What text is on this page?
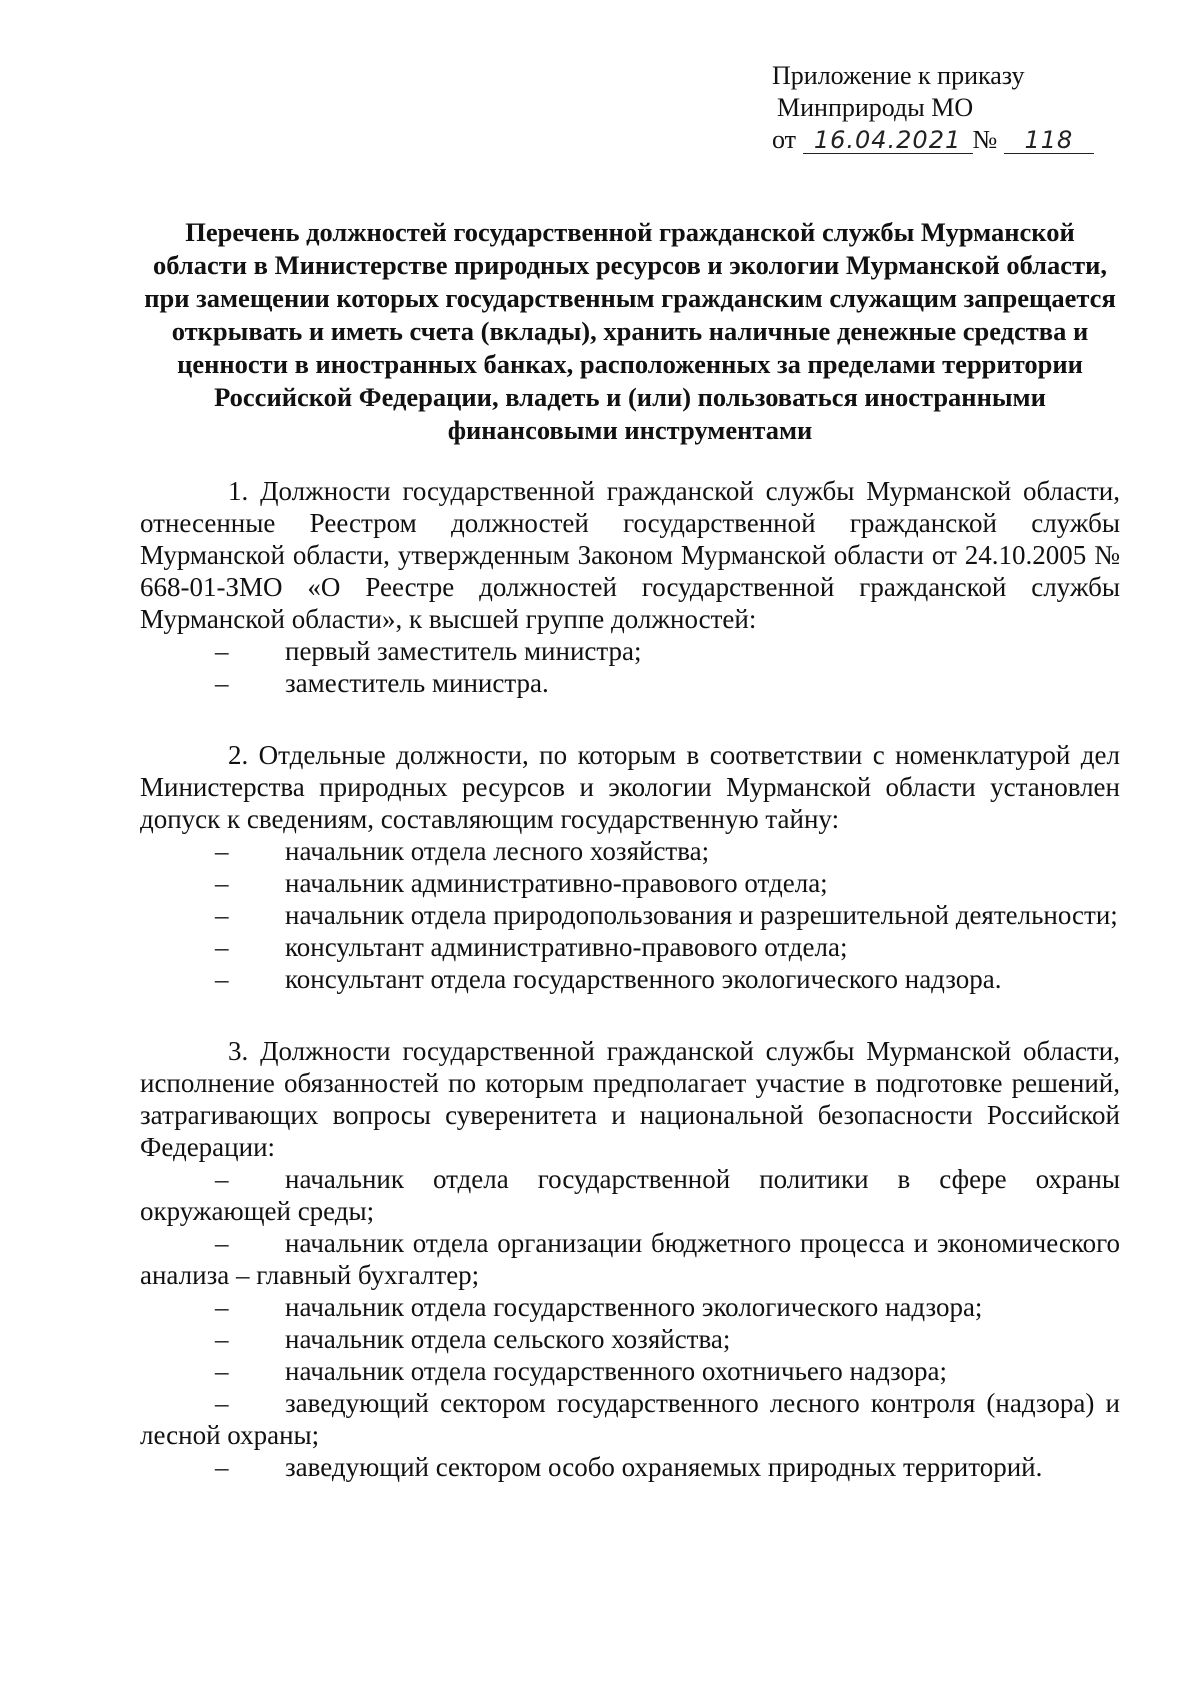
Приложение к приказу
Минприроды МО
от 16.04.2021 № 118
Перечень должностей государственной гражданской службы Мурманской области в Министерстве природных ресурсов и экологии Мурманской области, при замещении которых государственным гражданским служащим запрещается открывать и иметь счета (вклады), хранить наличные денежные средства и ценности в иностранных банках, расположенных за пределами территории Российской Федерации, владеть и (или) пользоваться иностранными финансовыми инструментами

1. Должности государственной гражданской службы Мурманской области, отнесенные Реестром должностей государственной гражданской службы Мурманской области, утвержденным Законом Мурманской области от 24.10.2005 № 668-01-ЗМО «О Реестре должностей государственной гражданской службы Мурманской области», к высшей группе должностей:

–	первый заместитель министра;
–	заместитель министра.

2. Отдельные должности, по которым в соответствии с номенклатурой дел Министерства природных ресурсов и экологии Мурманской области установлен допуск к сведениям, составляющим государственную тайну:

–	начальник отдела лесного хозяйства;
–	начальник административно-правового отдела;

– начальник отдела природопользования и разрешительной деятельности;

–	консультант административно-правового отдела;
–	консультант отдела государственного экологического надзора.

3. Должности государственной гражданской службы Мурманской области, исполнение обязанностей по которым предполагает участие в подготовке решений, затрагивающих вопросы суверенитета и национальной безопасности Российской Федерации:

– начальник отдела государственной политики в сфере охраны окружающей среды;

– начальник отдела организации бюджетного процесса и экономического анализа – главный бухгалтер;

–	начальник отдела государственного экологического надзора;
–	начальник отдела сельского хозяйства;
–	начальник отдела государственного охотничьего надзора;

– заведующий сектором государственного лесного контроля (надзора) и лесной охраны;

–	заведующий сектором особо охраняемых природных территорий.
